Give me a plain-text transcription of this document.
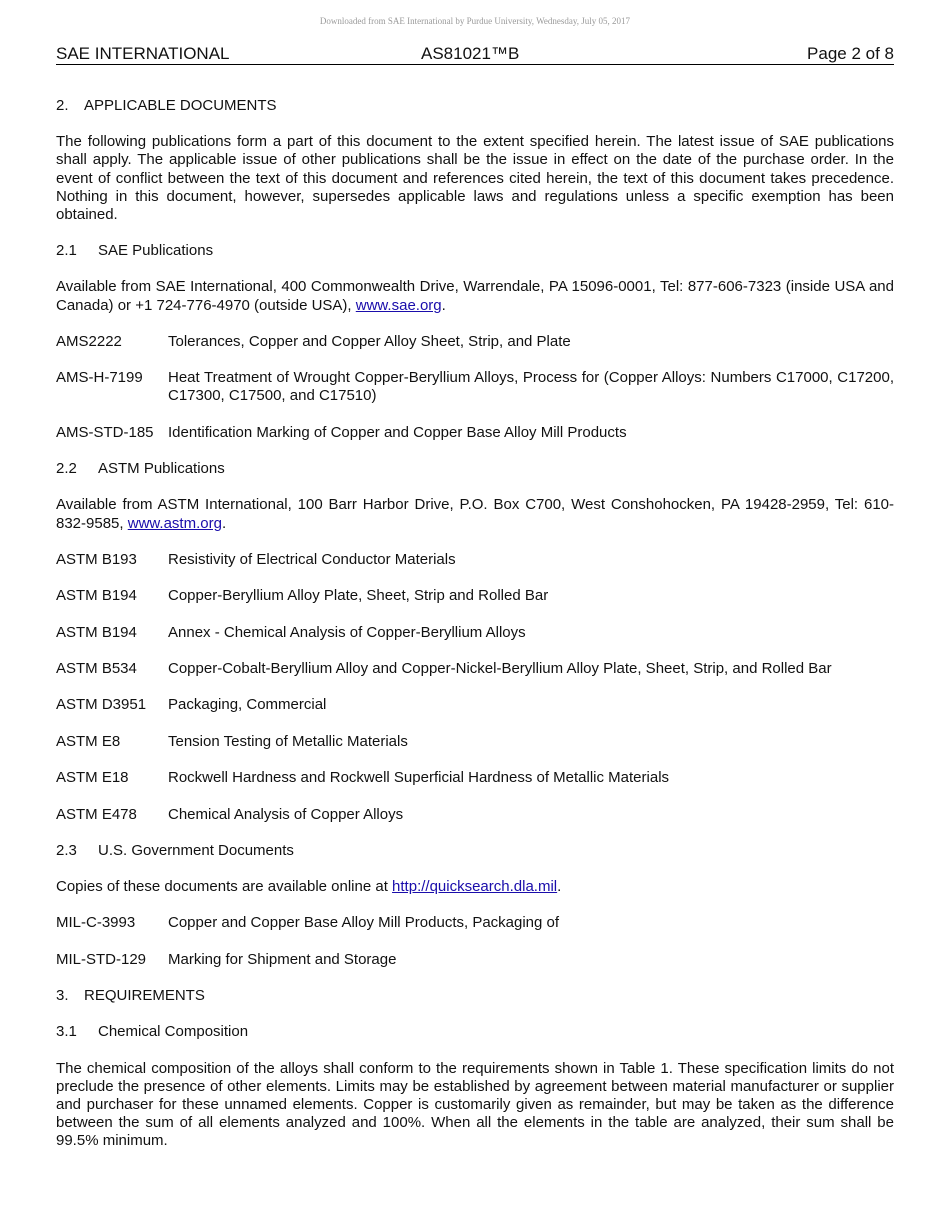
Downloaded from SAE International by Purdue University, Wednesday, July 05, 2017
SAE INTERNATIONAL	AS81021™B	Page 2 of 8
2. APPLICABLE DOCUMENTS

The following publications form a part of this document to the extent specified herein. The latest issue of SAE publications shall apply. The applicable issue of other publications shall be the issue in effect on the date of the purchase order. In the event of conflict between the text of this document and references cited herein, the text of this document takes precedence. Nothing in this document, however, supersedes applicable laws and regulations unless a specific exemption has been obtained.

2.1 SAE Publications

Available from SAE International, 400 Commonwealth Drive, Warrendale, PA 15096-0001, Tel: 877-606-7323 (inside USA and Canada) or +1 724-776-4970 (outside USA), www.sae.org.

AMS2222	Tolerances, Copper and Copper Alloy Sheet, Strip, and Plate
AMS-H-7199	Heat Treatment of Wrought Copper-Beryllium Alloys, Process for (Copper Alloys: Numbers C17000, C17200, C17300, C17500, and C17510)
AMS-STD-185 Identification Marking of Copper and Copper Base Alloy Mill Products
2.2 ASTM Publications

Available from ASTM International, 100 Barr Harbor Drive, P.O. Box C700, West Conshohocken, PA 19428-2959, Tel: 610-832-9585, www.astm.org.

ASTM B193	Resistivity of Electrical Conductor Materials
ASTM B194	Copper-Beryllium Alloy Plate, Sheet, Strip and Rolled Bar
ASTM B194	Annex - Chemical Analysis of Copper-Beryllium Alloys
ASTM B534	Copper-Cobalt-Beryllium Alloy and Copper-Nickel-Beryllium Alloy Plate, Sheet, Strip, and Rolled Bar
ASTM D3951	Packaging, Commercial
ASTM E8	Tension Testing of Metallic Materials
ASTM E18	Rockwell Hardness and Rockwell Superficial Hardness of Metallic Materials
ASTM E478	Chemical Analysis of Copper Alloys
2.3 U.S. Government Documents

Copies of these documents are available online at http://quicksearch.dla.mil.

MIL-C-3993	Copper and Copper Base Alloy Mill Products, Packaging of
MIL-STD-129	Marking for Shipment and Storage
3. REQUIREMENTS
3.1 Chemical Composition

The chemical composition of the alloys shall conform to the requirements shown in Table 1. These specification limits do not preclude the presence of other elements. Limits may be established by agreement between material manufacturer or supplier and purchaser for these unnamed elements. Copper is customarily given as remainder, but may be taken as the difference between the sum of all elements analyzed and 100%. When all the elements in the table are analyzed, their sum shall be 99.5% minimum.
